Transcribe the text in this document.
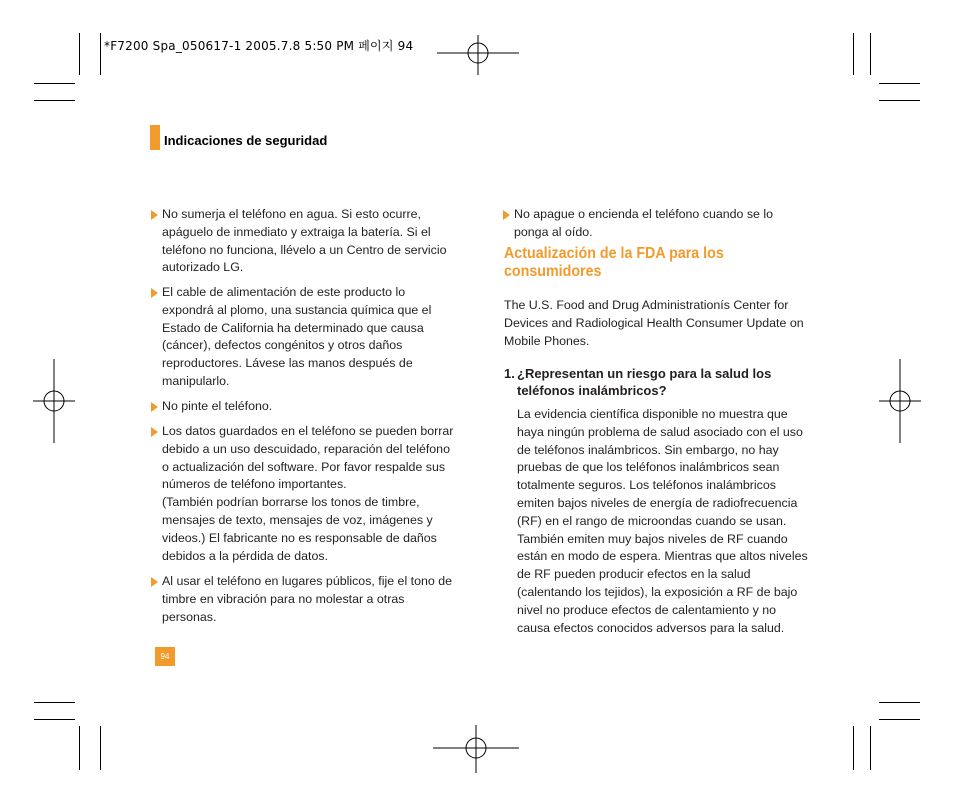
*F7200 Spa_050617-1 2005.7.8 5:50 PM 페이지 94
Indicaciones de seguridad
No sumerja el teléfono en agua. Si esto ocurre,
apáguelo de inmediato y extraiga la batería. Si el
teléfono no funciona, llévelo a un Centro de servicio
autorizado LG.
El cable de alimentación de este producto lo
expondrá al plomo, una sustancia química que el
Estado de California ha determinado que causa
(cáncer), defectos congénitos y otros daños
reproductores. Lávese las manos después de
manipularlo.
No pinte el teléfono.
Los datos guardados en el teléfono se pueden borrar
debido a un uso descuidado, reparación del teléfono
o actualización del software. Por favor respalde sus
números de teléfono importantes.
(También podrían borrarse los tonos de timbre,
mensajes de texto, mensajes de voz, imágenes y
videos.) El fabricante no es responsable de daños
debidos a la pérdida de datos.
Al usar el teléfono en lugares públicos, fije el tono de
timbre en vibración para no molestar a otras
personas.
No apague o encienda el teléfono cuando se lo
ponga al oído.
Actualización de la FDA para los
consumidores
The U.S. Food and Drug Administrationís Center for
Devices and Radiological Health Consumer Update on
Mobile Phones.
1. ¿Representan un riesgo para la salud los
teléfonos inalámbricos?
La evidencia científica disponible no muestra que
haya ningún problema de salud asociado con el uso
de teléfonos inalámbricos. Sin embargo, no hay
pruebas de que los teléfonos inalámbricos sean
totalmente seguros. Los teléfonos inalámbricos
emiten bajos niveles de energía de radiofrecuencia
(RF) en el rango de microondas cuando se usan.
También emiten muy bajos niveles de RF cuando
están en modo de espera. Mientras que altos niveles
de RF pueden producir efectos en la salud
(calentando los tejidos), la exposición a RF de bajo
nivel no produce efectos de calentamiento y no
causa efectos conocidos adversos para la salud.
94
